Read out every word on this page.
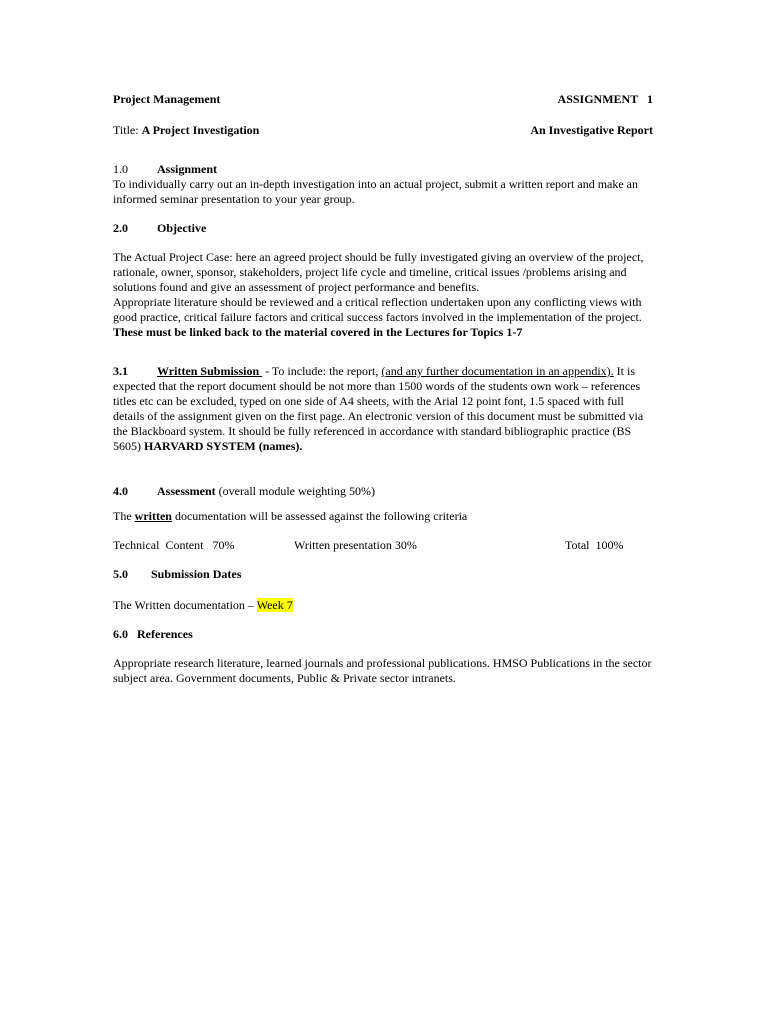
Project Management	ASSIGNMENT   1
Title: A Project Investigation	An Investigative Report

1.0 Assignment

To individually carry out an in-depth investigation into an actual project, submit a written report and make an informed seminar presentation to your year group.

2.0 Objective

The Actual Project Case: here an agreed project should be fully investigated giving an overview of the project, rationale, owner, sponsor, stakeholders, project life cycle and timeline, critical issues /problems arising and solutions found and give an assessment of project performance and benefits.

Appropriate literature should be reviewed and a critical reflection undertaken upon any conflicting views with good practice, critical failure factors and critical success factors involved in the implementation of the project. These must be linked back to the material covered in the Lectures for Topics 1-7

3.1 Written Submission  - To include: the report, (and any further documentation in an appendix). It is expected that the report document should be not more than 1500 words of the students own work – references titles etc can be excluded, typed on one side of A4 sheets, with the Arial 12 point font, 1.5 spaced with full details of the assignment given on the first page. An electronic version of this document must be submitted via the Blackboard system. It should be fully referenced in accordance with standard bibliographic practice (BS 5605) HARVARD SYSTEM (names).

4.0 Assessment (overall module weighting 50%)

The written documentation will be assessed against the following criteria

Technical  Content   70%	Written presentation 30%	Total  100%

5.0 Submission Dates

The Written documentation – Week 7

6.0 References

Appropriate research literature, learned journals and professional publications. HMSO Publications in the sector subject area. Government documents, Public & Private sector intranets.
